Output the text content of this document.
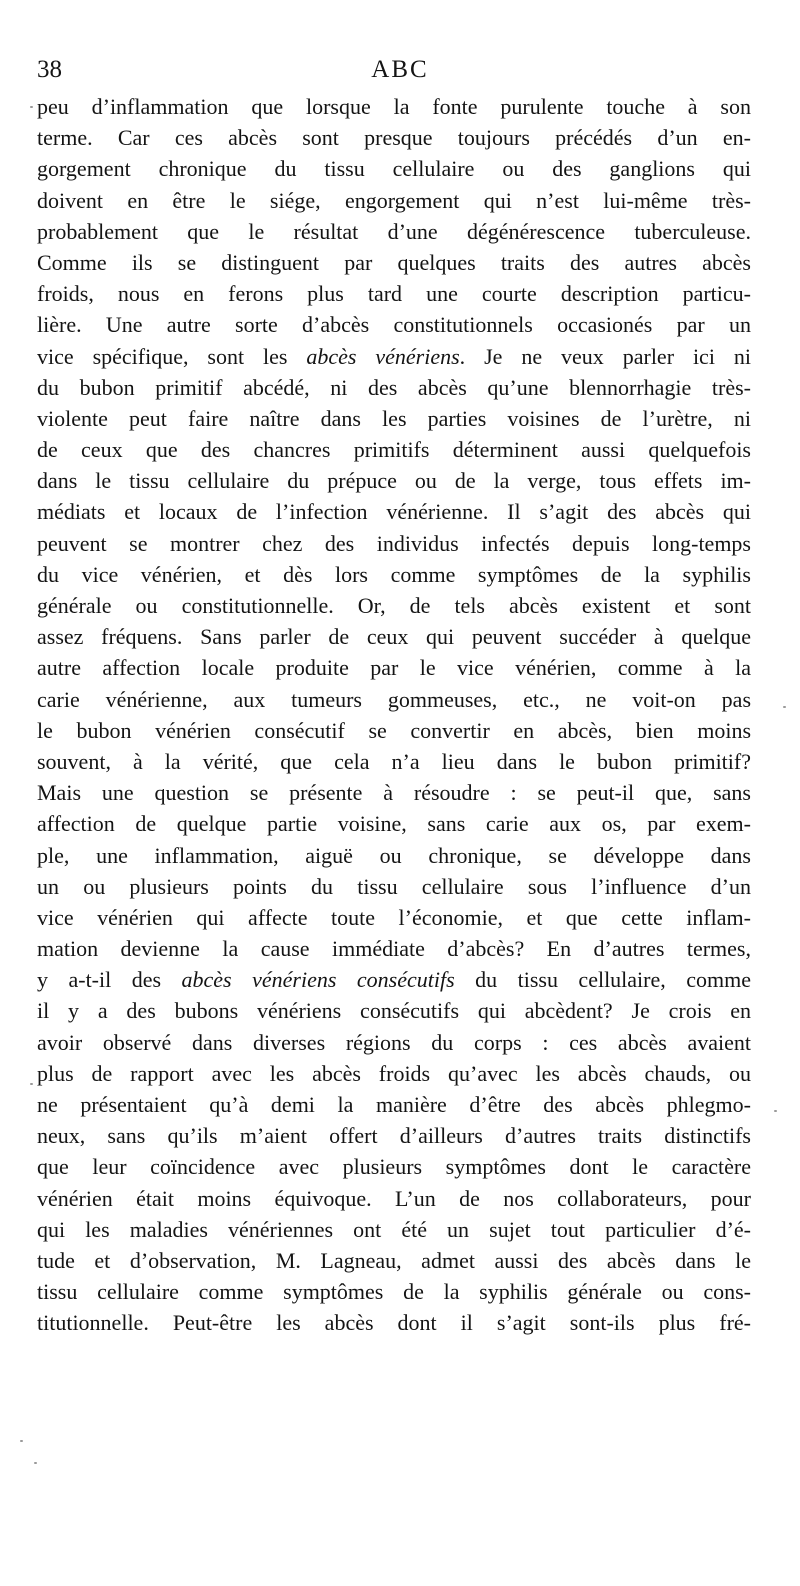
38	ABC
peu d’inflammation que lorsque la fonte purulente touche à son
terme. Car ces abcès sont presque toujours précédés d’un en-
gorgement chronique du tissu cellulaire ou des ganglions qui
doivent en être le siége, engorgement qui n’est lui-même très-
probablement que le résultat d’une dégénérescence tuberculeuse.
Comme ils se distinguent par quelques traits des autres abcès
froids, nous en ferons plus tard une courte description particu-
lière. Une autre sorte d’abcès constitutionnels occasionés par un
vice spécifique, sont les abcès vénériens. Je ne veux parler ici ni
du bubon primitif abcédé, ni des abcès qu’une blennorrhagie très-
violente peut faire naître dans les parties voisines de l’urètre, ni
de ceux que des chancres primitifs déterminent aussi quelquefois
dans le tissu cellulaire du prépuce ou de la verge, tous effets im-
médiats et locaux de l’infection vénérienne. Il s’agit des abcès qui
peuvent se montrer chez des individus infectés depuis long-temps
du vice vénérien, et dès lors comme symptômes de la syphilis
générale ou constitutionnelle. Or, de tels abcès existent et sont
assez fréquens. Sans parler de ceux qui peuvent succéder à quelque
autre affection locale produite par le vice vénérien, comme à la
carie vénérienne, aux tumeurs gommeuses, etc., ne voit-on pas
le bubon vénérien consécutif se convertir en abcès, bien moins
souvent, à la vérité, que cela n’a lieu dans le bubon primitif?
Mais une question se présente à résoudre : se peut-il que, sans
affection de quelque partie voisine, sans carie aux os, par exem-
ple, une inflammation, aiguë ou chronique, se développe dans
un ou plusieurs points du tissu cellulaire sous l’influence d’un
vice vénérien qui affecte toute l’économie, et que cette inflam-
mation devienne la cause immédiate d’abcès? En d’autres termes,
y a-t-il des abcès vénériens consécutifs du tissu cellulaire, comme
il y a des bubons vénériens consécutifs qui abcèdent? Je crois en
avoir observé dans diverses régions du corps : ces abcès avaient
plus de rapport avec les abcès froids qu’avec les abcès chauds, ou
ne présentaient qu’à demi la manière d’être des abcès phlegmo-
neux, sans qu’ils m’aient offert d’ailleurs d’autres traits distinctifs
que leur coïncidence avec plusieurs symptômes dont le caractère
vénérien était moins équivoque. L’un de nos collaborateurs, pour
qui les maladies vénériennes ont été un sujet tout particulier d’é-
tude et d’observation, M. Lagneau, admet aussi des abcès dans le
tissu cellulaire comme symptômes de la syphilis générale ou cons-
titutionnelle. Peut-être les abcès dont il s’agit sont-ils plus fré-
